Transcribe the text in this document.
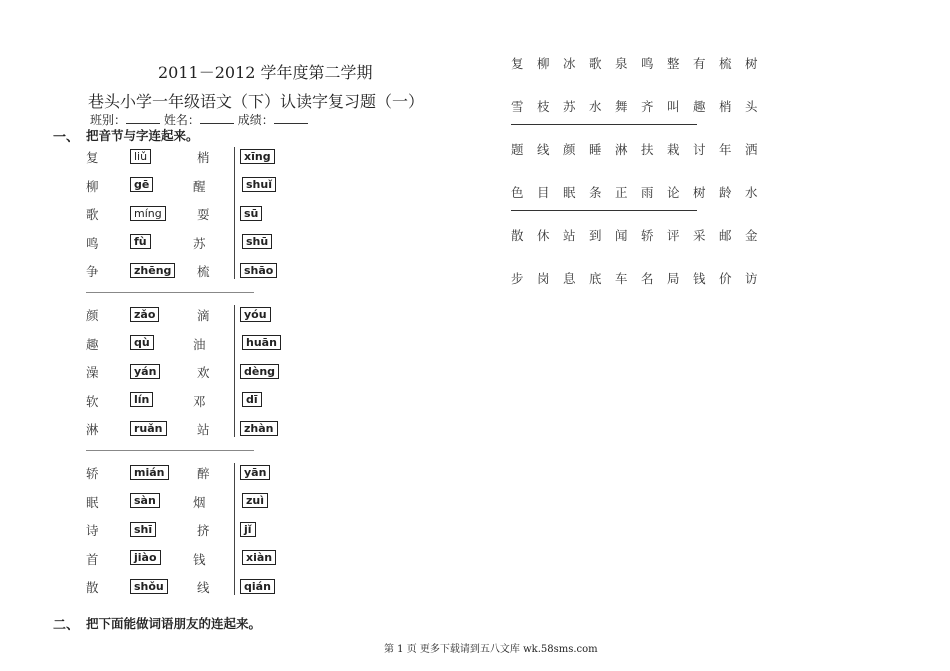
2011－2012 学年度第二学期
巷头小学一年级语文（下）认读字复习题（一）
班别：	姓名：	成绩：
一、 把音节与字连起来。
复	liǔ	梢	xīng
柳	gē	醒	shuǐ
歌	míng	耍	sū
鸣	fù	苏	shū
争	zhēng	梳	shāo
颜	zǎo	滴	yóu
趣	qù	油	huān
澡	yán	欢	dèng
软	lín	邓	dī
淋	ruǎn	站	zhàn
轿	mián	醉	yān
眠	sàn	烟	zuì
诗	shī	挤	jǐ
首	jiào	钱	xiàn
散	shǒu	线	qián
二、 把下面能做词语朋友的连起来。
复 柳 冰 歌 泉 鸣 整 有 梳 树
雪 枝 苏 水 舞 齐 叫 趣 梢 头
题 线 颜 睡 淋 扶 栽 讨 年 洒
色 目 眠 条 正 雨 论 树 龄 水
散 休 站 到 闻 轿 评 采 邮 金
步 岗 息 底 车 名 局 钱 价 访
第 1 页 更多下载请到五八文库 wk.58sms.com
